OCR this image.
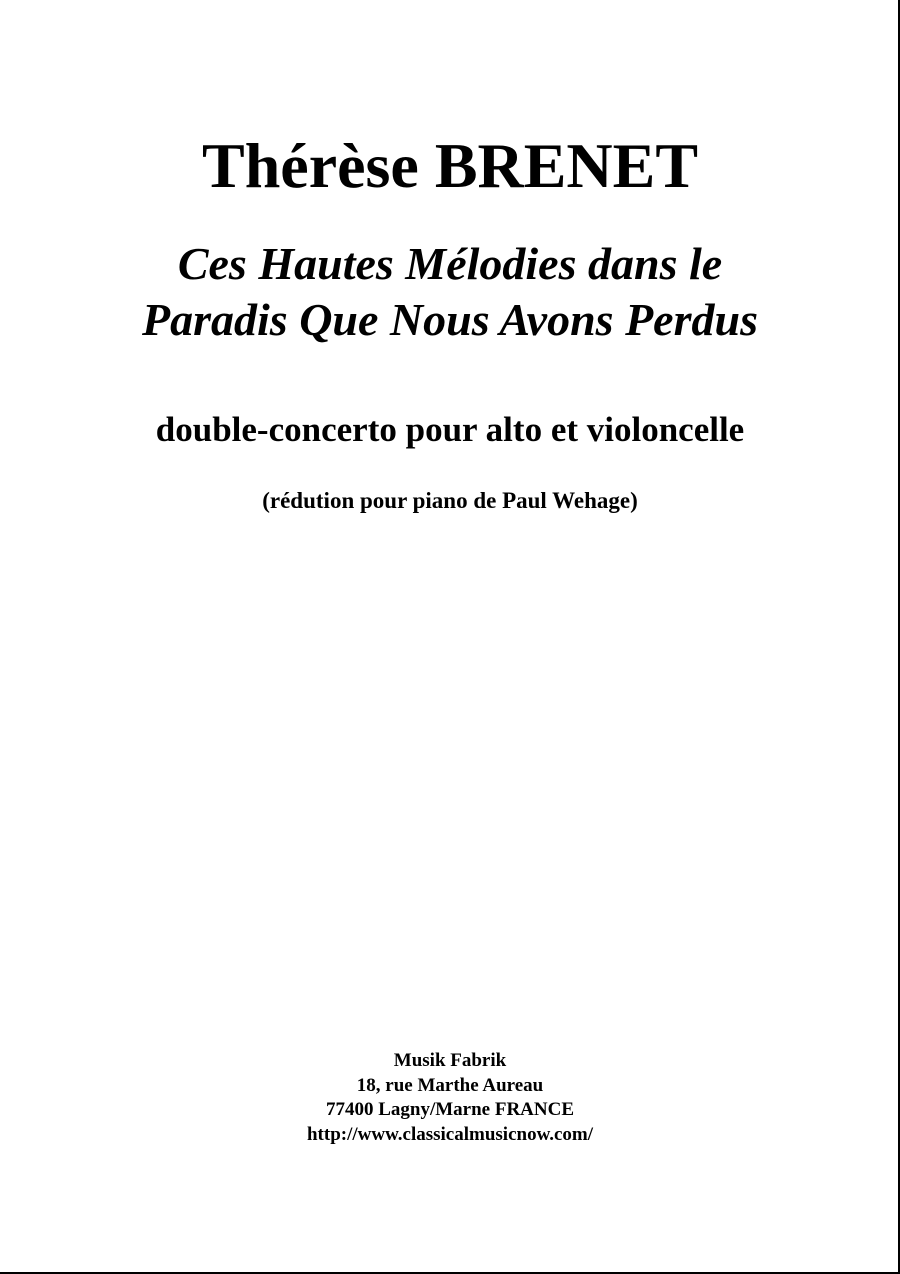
Thérèse BRENET
Ces Hautes Mélodies dans le
Paradis Que Nous Avons Perdus
double-concerto pour alto et violoncelle
(rédution pour piano de Paul Wehage)
Musik Fabrik
18, rue Marthe Aureau
77400 Lagny/Marne FRANCE
http://www.classicalmusicnow.com/
